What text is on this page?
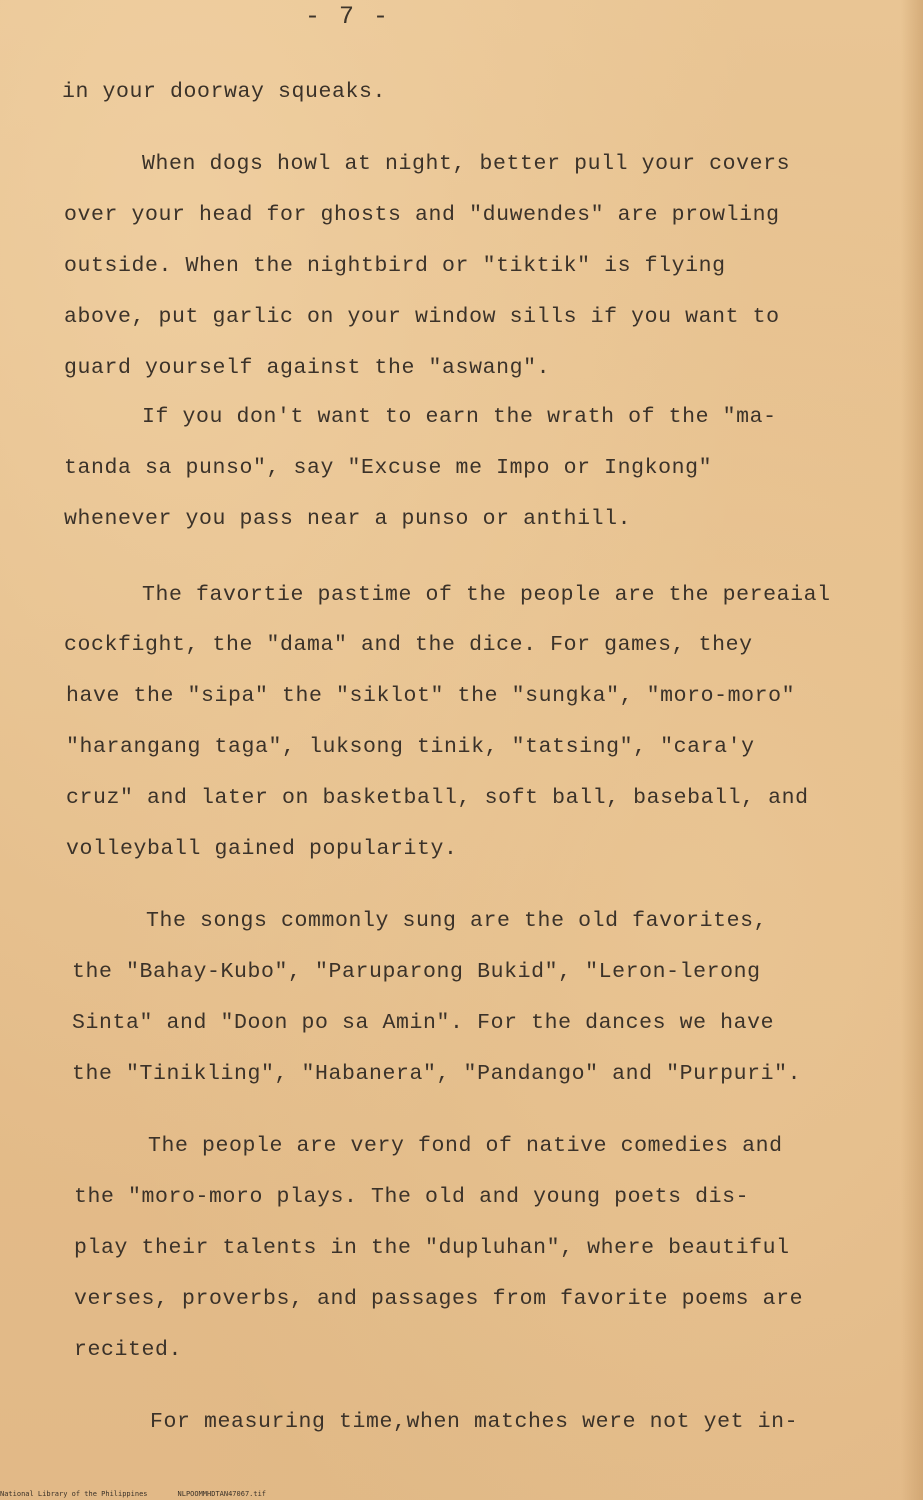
- 7 -
in your doorway squeaks.
When dogs howl at night, better pull your covers
over your head for ghosts and "duwendes" are prowling
outside. When the nightbird or "tiktik" is flying
above, put garlic on your window sills if you want to
guard yourself against the "aswang".
If you don't want to earn the wrath of the "ma-
tanda sa punso", say "Excuse me Impo or Ingkong"
whenever you pass near a punso or anthill.
The favortie pastime of the people are the pereaial
cockfight, the "dama" and the dice. For games, they
have the "sipa" the "siklot" the "sungka", "moro-moro"
"harangang taga", luksong tinik, "tatsing", "cara'y
cruz" and later on basketball, soft ball, baseball, and
volleyball gained popularity.
The songs commonly sung are the old favorites,
the "Bahay-Kubo", "Paruparong Bukid", "Leron-lerong
Sinta" and "Doon po sa Amin". For the dances we have
the "Tinikling", "Habanera", "Pandango" and "Purpuri".
The people are very fond of native comedies and
the "moro-moro plays. The old and young poets dis-
play their talents in the "dupluhan", where beautiful
verses, proverbs, and passages from favorite poems are
recited.
For measuring time,when matches were not yet in-
National Library of the Philippines	NLPOOMMHDTAN47067.tif
